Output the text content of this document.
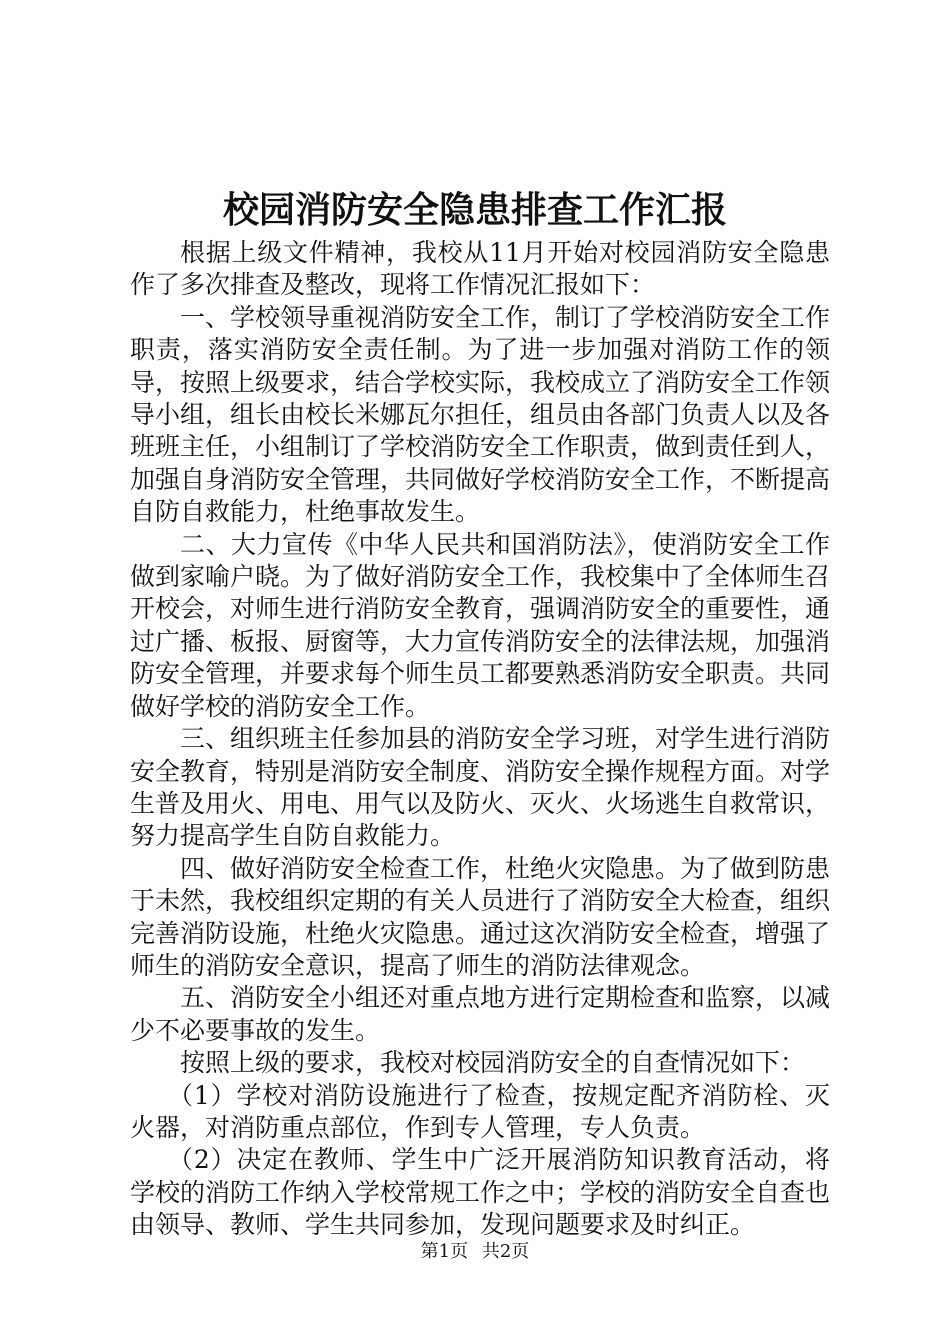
校园消防安全隐患排查工作汇报

根据上级文件精神，我校从11月开始对校园消防安全隐患作了多次排查及整改，现将工作情况汇报如下：

一、学校领导重视消防安全工作，制订了学校消防安全工作职责，落实消防安全责任制。为了进一步加强对消防工作的领导，按照上级要求，结合学校实际，我校成立了消防安全工作领导小组，组长由校长米娜瓦尔担任，组员由各部门负责人以及各班班主任，小组制订了学校消防安全工作职责，做到责任到人，加强自身消防安全管理，共同做好学校消防安全工作，不断提高自防自救能力，杜绝事故发生。

二、大力宣传《中华人民共和国消防法》，使消防安全工作做到家喻户晓。为了做好消防安全工作，我校集中了全体师生召开校会，对师生进行消防安全教育，强调消防安全的重要性，通过广播、板报、厨窗等，大力宣传消防安全的法律法规，加强消防安全管理，并要求每个师生员工都要熟悉消防安全职责。共同做好学校的消防安全工作。

三、组织班主任参加县的消防安全学习班，对学生进行消防安全教育，特别是消防安全制度、消防安全操作规程方面。对学生普及用火、用电、用气以及防火、灭火、火场逃生自救常识，努力提高学生自防自救能力。

四、做好消防安全检查工作，杜绝火灾隐患。为了做到防患于未然，我校组织定期的有关人员进行了消防安全大检查，组织完善消防设施，杜绝火灾隐患。通过这次消防安全检查，增强了师生的消防安全意识，提高了师生的消防法律观念。

五、消防安全小组还对重点地方进行定期检查和监察，以减少不必要事故的发生。

按照上级的要求，我校对校园消防安全的自查情况如下：

（1）学校对消防设施进行了检查，按规定配齐消防栓、灭火器，对消防重点部位，作到专人管理，专人负责。

（2）决定在教师、学生中广泛开展消防知识教育活动，将学校的消防工作纳入学校常规工作之中；学校的消防安全自查也由领导、教师、学生共同参加，发现问题要求及时纠正。

第1页 共2页
